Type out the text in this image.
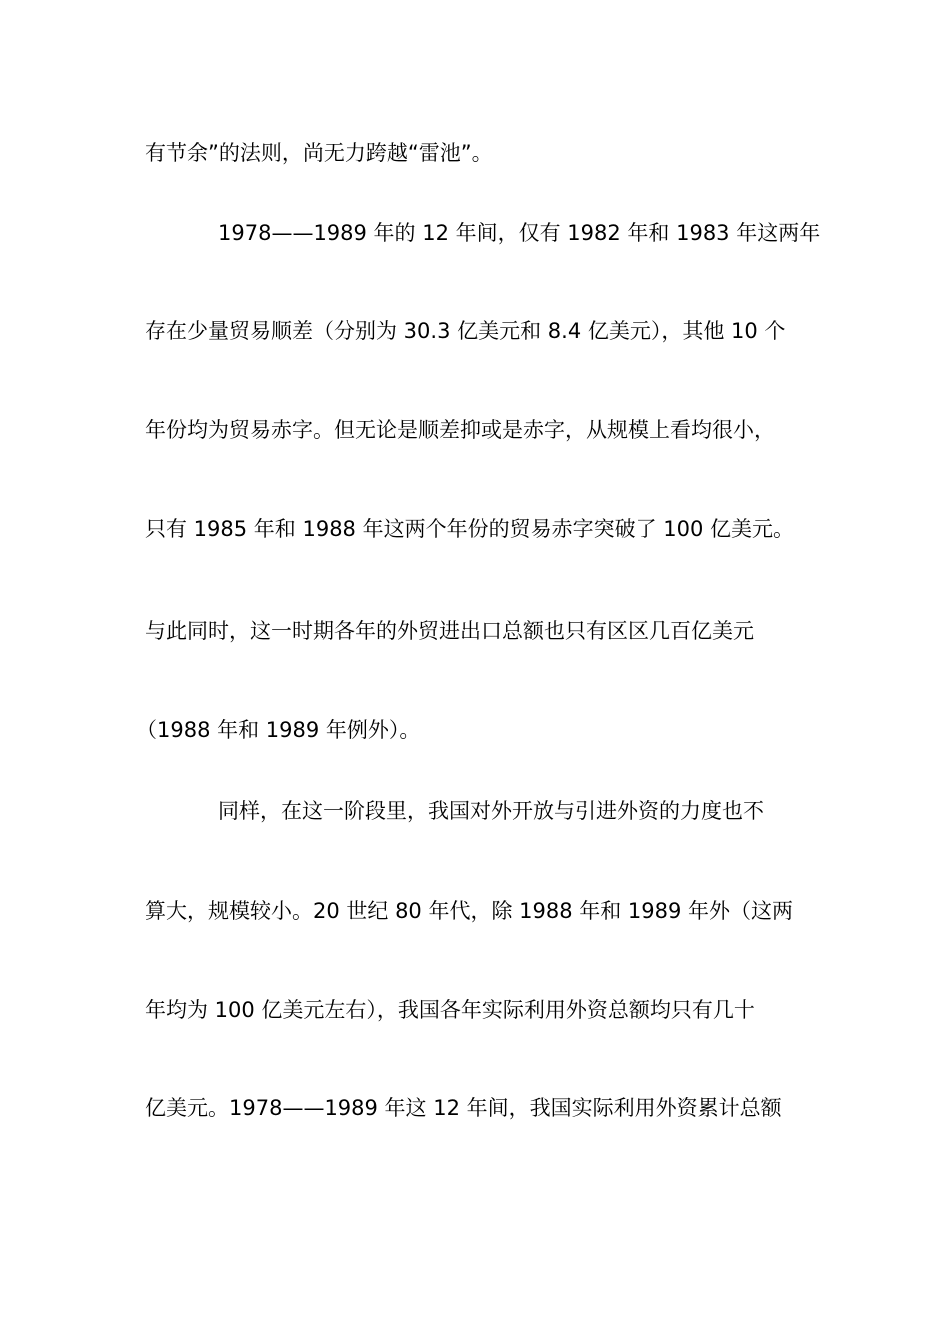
有节余”的法则，尚无力跨越“雷池”。
1978——1989 年的 12 年间，仅有 1982 年和 1983 年这两年
存在少量贸易顺差（分别为 30.3 亿美元和 8.4 亿美元），其他 10 个
年份均为贸易赤字。但无论是顺差抑或是赤字，从规模上看均很小，
只有 1985 年和 1988 年这两个年份的贸易赤字突破了 100 亿美元。
与此同时，这一时期各年的外贸进出口总额也只有区区几百亿美元
（1988 年和 1989 年例外）。
同样，在这一阶段里，我国对外开放与引进外资的力度也不
算大，规模较小。20 世纪 80 年代，除 1988 年和 1989 年外（这两
年均为 100 亿美元左右），我国各年实际利用外资总额均只有几十
亿美元。1978——1989 年这 12 年间，我国实际利用外资累计总额
